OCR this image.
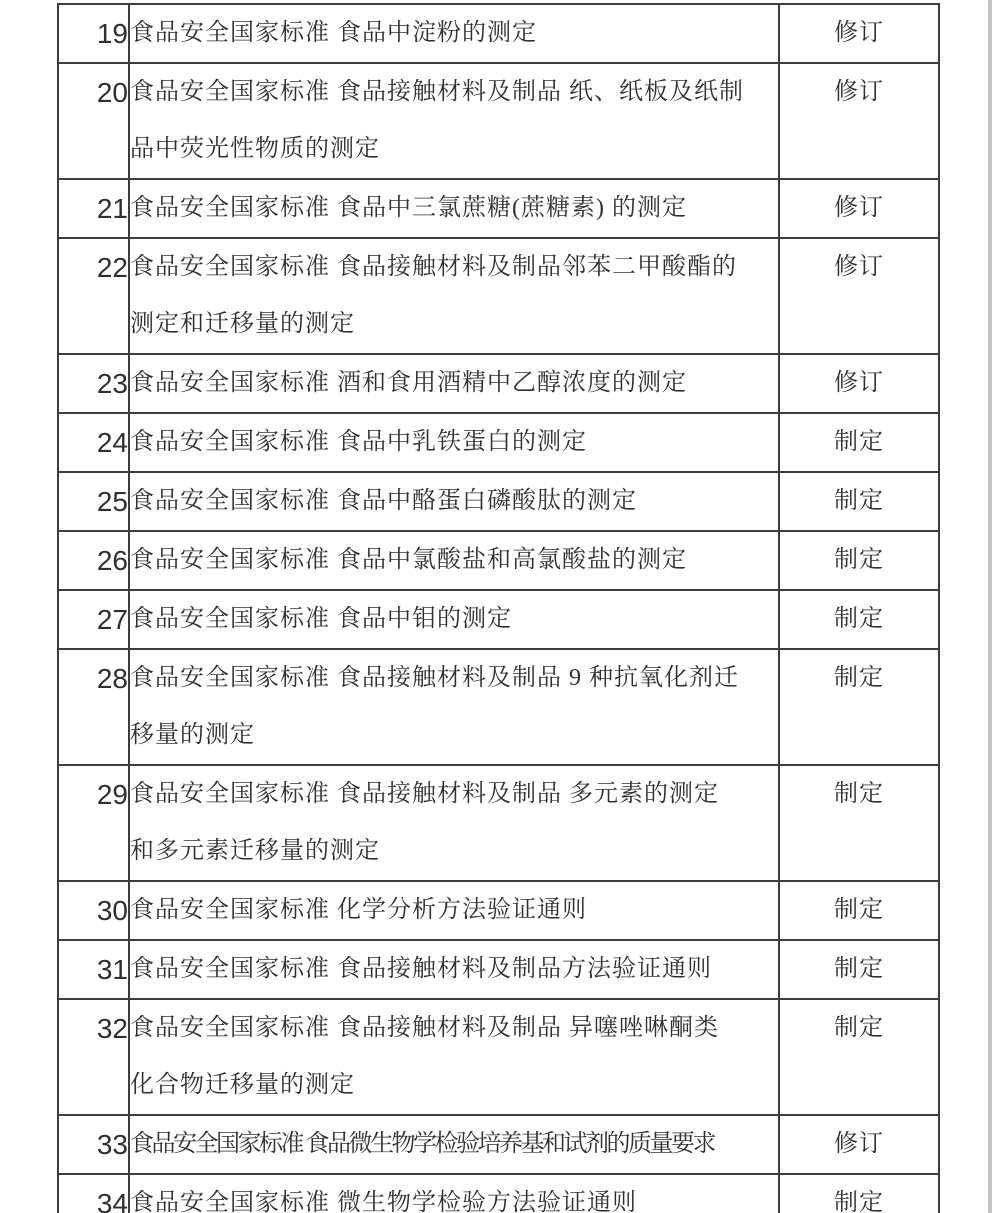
19	食品安全国家标准 食品中淀粉的测定	修订
20	食品安全国家标准 食品接触材料及制品 纸、纸板及纸制
品中荧光性物质的测定	修订
21	食品安全国家标准 食品中三氯蔗糖(蔗糖素) 的测定	修订
22	食品安全国家标准 食品接触材料及制品邻苯二甲酸酯的
测定和迁移量的测定	修订
23	食品安全国家标准 酒和食用酒精中乙醇浓度的测定	修订
24	食品安全国家标准 食品中乳铁蛋白的测定	制定
25	食品安全国家标准 食品中酪蛋白磷酸肽的测定	制定
26	食品安全国家标准 食品中氯酸盐和高氯酸盐的测定	制定
27	食品安全国家标准 食品中钼的测定	制定
28	食品安全国家标准 食品接触材料及制品 9 种抗氧化剂迁
移量的测定	制定
29	食品安全国家标准 食品接触材料及制品 多元素的测定
和多元素迁移量的测定	制定
30	食品安全国家标准 化学分析方法验证通则	制定
31	食品安全国家标准 食品接触材料及制品方法验证通则	制定
32	食品安全国家标准 食品接触材料及制品 异噻唑啉酮类
化合物迁移量的测定	制定
33	食品安全国家标准 食品微生物学检验培养基和试剂的质量要求	修订
34	食品安全国家标准 微生物学检验方法验证通则	制定
